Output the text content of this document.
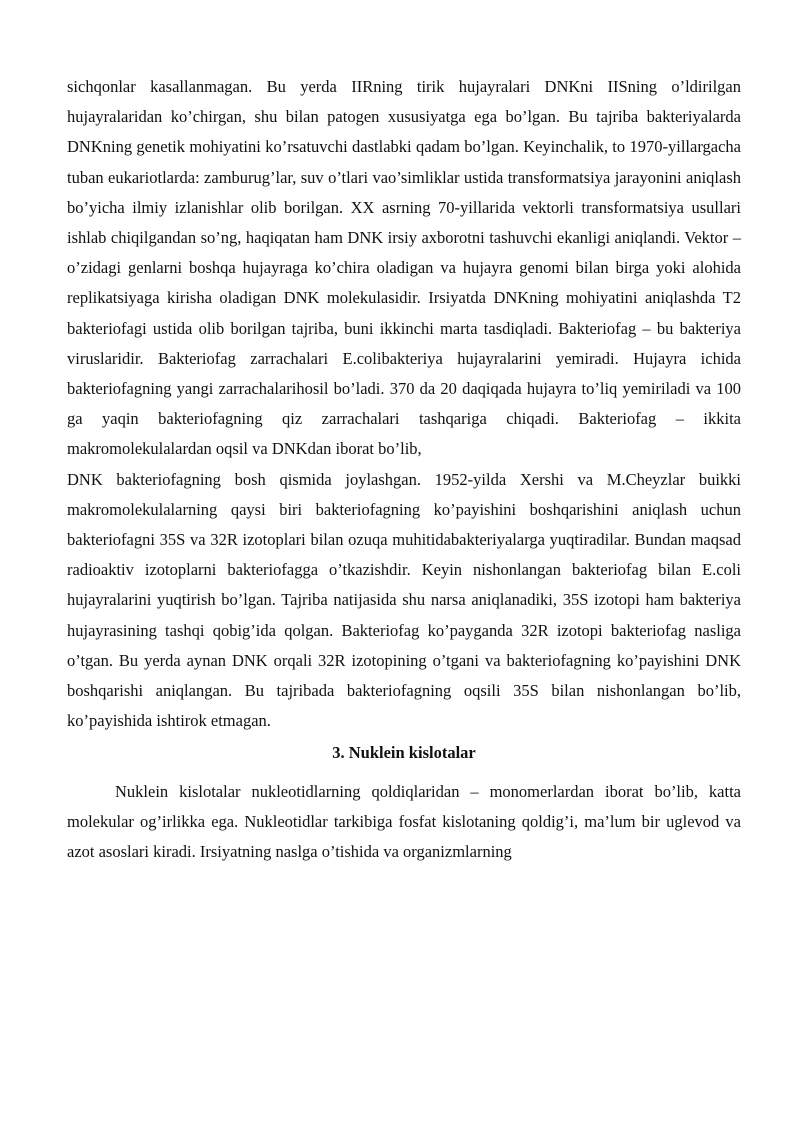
sichqonlar kasallanmagan. Bu yerda IIRning tirik hujayralari DNKni IISning o’ldirilgan hujayralaridan ko’chirgan, shu bilan patogen xususiyatga ega bo’lgan. Bu tajriba bakteriyalarda DNKning genetik mohiyatini ko’rsatuvchi dastlabki qadam bo’lgan. Keyinchalik, to 1970-yillargacha tuban eukariotlarda: zamburug’lar, suv o’tlari vao’simliklar ustida transformatsiya jarayonini aniqlash bo’yicha ilmiy izlanishlar olib borilgan. XX asrning 70-yillarida vektorli transformatsiya usullari ishlab chiqilgandan so’ng, haqiqatan ham DNK irsiy axborotni tashuvchi ekanligi aniqlandi. Vektor – o’zidagi genlarni boshqa hujayraga ko’chira oladigan va hujayra genomi bilan birga yoki alohida replikatsiyaga kirisha oladigan DNK molekulasidir. Irsiyatda DNKning mohiyatini aniqlashda T2 bakteriofagi ustida olib borilgan tajriba, buni ikkinchi marta tasdiqladi. Bakteriofag – bu bakteriya viruslaridir. Bakteriofag zarrachalari E.colibakteriya hujayralarini yemiradi. Hujayra ichida bakteriofagning yangi zarrachalarihosil bo’ladi. 370 da 20 daqiqada hujayra to’liq yemiriladi va 100 ga yaqin bakteriofagning qiz zarrachalari tashqariga chiqadi. Bakteriofag – ikkita makromolekulalardan oqsil va DNKdan iborat bo’lib,

DNK bakteriofagning bosh qismida joylashgan. 1952-yilda Xershi va M.Cheyzlar buikki makromolekulalarning qaysi biri bakteriofagning ko’payishini boshqarishini aniqlash uchun bakteriofagni 35S va 32R izotoplari bilan ozuqa muhitidabakteriyalarga yuqtiradilar. Bundan maqsad radioaktiv izotoplarni bakteriofagga o’tkazishdir. Keyin nishonlangan bakteriofag bilan E.coli hujayralarini yuqtirish bo’lgan. Tajriba natijasida shu narsa aniqlanadiki, 35S izotopi ham bakteriya hujayrasining tashqi qobig’ida qolgan. Bakteriofag ko’payganda 32R izotopi bakteriofag nasliga o’tgan. Bu yerda aynan DNK orqali 32R izotopining o’tgani va bakteriofagning ko’payishini DNK boshqarishi aniqlangan. Bu tajribada bakteriofagning oqsili 35S bilan nishonlangan bo’lib, ko’payishida ishtirok etmagan.

3. Nuklein kislotalar

Nuklein kislotalar nukleotidlarning qoldiqlaridan – monomerlardan iborat bo’lib, katta molekular og’irlikka ega. Nukleotidlar tarkibiga fosfat kislotaning qoldig’i, ma’lum bir uglevod va azot asoslari kiradi. Irsiyatning naslga o’tishida va organizmlarning
